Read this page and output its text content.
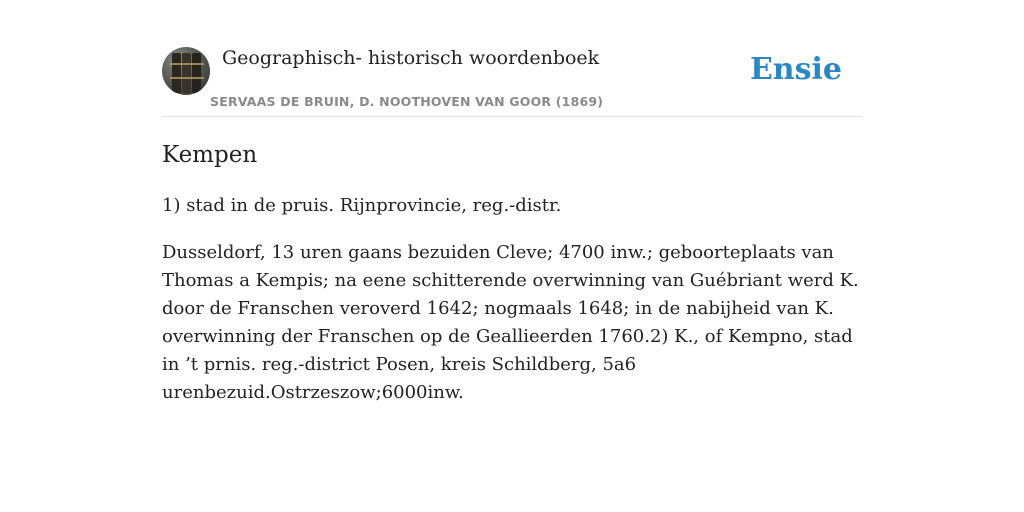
Geographisch- historisch woordenboek
SERVAAS DE BRUIN, D. NOOTHOVEN VAN GOOR (1869)
Ensie
Kempen

1) stad in de pruis. Rijnprovincie, reg.-distr.

Dusseldorf, 13 uren gaans bezuiden Cleve; 4700 inw.; geboorteplaats van Thomas a Kempis; na eene schitterende overwinning van Guébriant werd K. door de Franschen veroverd 1642; nogmaals 1648; in de nabijheid van K. overwinning der Franschen op de Geallieerden 1760.2) K., of Kempno, stad in ’t prnis. reg.-district Posen, kreis Schildberg, 5a6 urenbezuid.Ostrzeszow;6000inw.
